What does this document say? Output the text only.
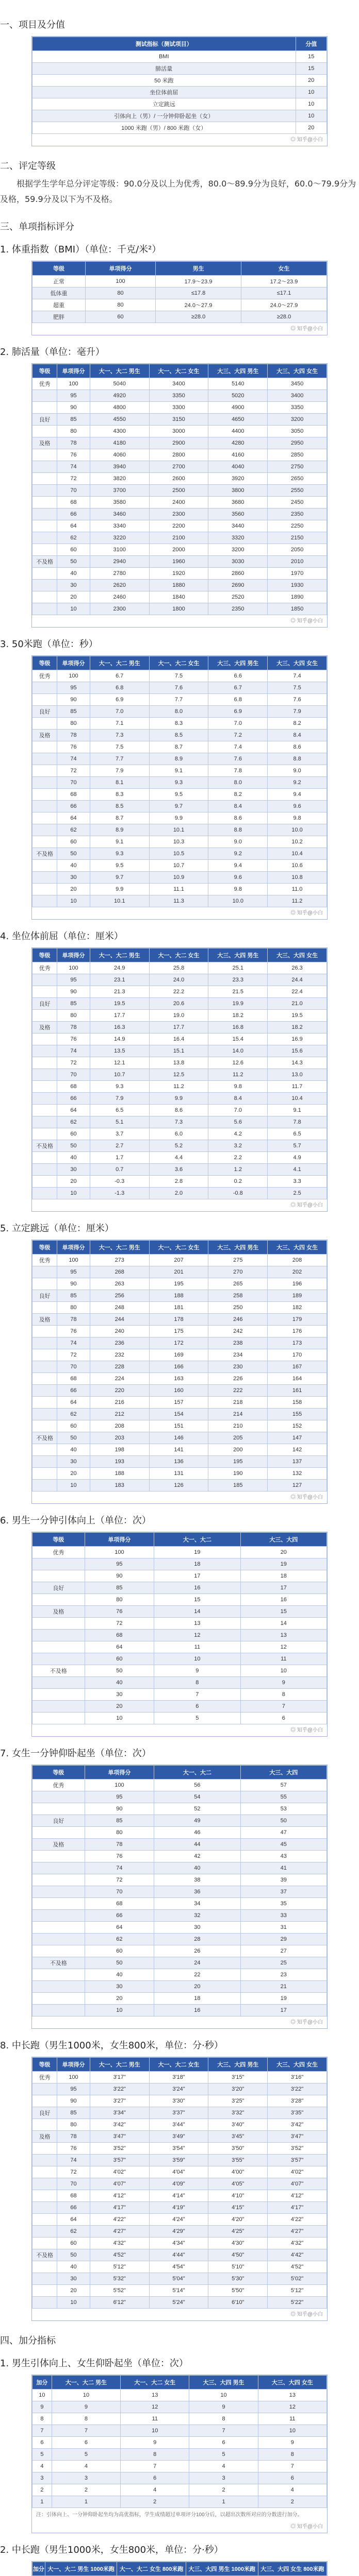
一、项目及分值
测试指标（测试项目）	分值
BMI	15
肺活量	15
50 米跑	20
坐位体前屈	10
立定跳远	10
引体向上（男）/ 一分钟仰卧起坐（女）	10
1000 米跑（男）/ 800 米跑（女）	20
◎ 知乎@小白
二、评定等级
根据学生学年总分评定等级：90.0分及以上为优秀，80.0～89.9分为良好，60.0～79.9分为及格，59.9分及以下为不及格。
三、单项指标评分
1. 体重指数（BMI）（单位：千克/米²）
等级	单项得分	男生	女生
正常	100	17.9～23.9	17.2～23.9
低体重	80	≤17.8	≤17.1
超重	80	24.0～27.9	24.0～27.9
肥胖	60	≥28.0	≥28.0
◎ 知乎@小白
2. 肺活量（单位：毫升）
等级	单项得分	大一、大二 男生	大一、大二 女生	大三、大四 男生	大三、大四 女生
优秀	100	5040	3400	5140	3450
	95	4920	3350	5020	3400
	90	4800	3300	4900	3350
良好	85	4550	3150	4650	3200
	80	4300	3000	4400	3050
及格	78	4180	2900	4280	2950
	76	4060	2800	4160	2850
	74	3940	2700	4040	2750
	72	3820	2600	3920	2650
	70	3700	2500	3800	2550
	68	3580	2400	3680	2450
	66	3460	2300	3560	2350
	64	3340	2200	3440	2250
	62	3220	2100	3320	2150
	60	3100	2000	3200	2050
不及格	50	2940	1960	3030	2010
	40	2780	1920	2860	1970
	30	2620	1880	2690	1930
	20	2460	1840	2520	1890
	10	2300	1800	2350	1850
◎ 知乎@小白
3. 50米跑（单位：秒）
等级	单项得分	大一、大二 男生	大一、大二 女生	大三、大四 男生	大三、大四 女生
优秀	100	6.7	7.5	6.6	7.4
	95	6.8	7.6	6.7	7.5
	90	6.9	7.7	6.8	7.6
良好	85	7.0	8.0	6.9	7.9
	80	7.1	8.3	7.0	8.2
及格	78	7.3	8.5	7.2	8.4
	76	7.5	8.7	7.4	8.6
	74	7.7	8.9	7.6	8.8
	72	7.9	9.1	7.8	9.0
	70	8.1	9.3	8.0	9.2
	68	8.3	9.5	8.2	9.4
	66	8.5	9.7	8.4	9.6
	64	8.7	9.9	8.6	9.8
	62	8.9	10.1	8.8	10.0
	60	9.1	10.3	9.0	10.2
不及格	50	9.3	10.5	9.2	10.4
	40	9.5	10.7	9.4	10.6
	30	9.7	10.9	9.6	10.8
	20	9.9	11.1	9.8	11.0
	10	10.1	11.3	10.0	11.2
◎ 知乎@小白
4. 坐位体前屈（单位：厘米）
等级	单项得分	大一、大二 男生	大一、大二 女生	大三、大四 男生	大三、大四 女生
优秀	100	24.9	25.8	25.1	26.3
	95	23.1	24.0	23.3	24.4
	90	21.3	22.2	21.5	22.4
良好	85	19.5	20.6	19.9	21.0
	80	17.7	19.0	18.2	19.5
及格	78	16.3	17.7	16.8	18.2
	76	14.9	16.4	15.4	16.9
	74	13.5	15.1	14.0	15.6
	72	12.1	13.8	12.6	14.3
	70	10.7	12.5	11.2	13.0
	68	9.3	11.2	9.8	11.7
	66	7.9	9.9	8.4	10.4
	64	6.5	8.6	7.0	9.1
	62	5.1	7.3	5.6	7.8
	60	3.7	6.0	4.2	6.5
不及格	50	2.7	5.2	3.2	5.7
	40	1.7	4.4	2.2	4.9
	30	0.7	3.6	1.2	4.1
	20	-0.3	2.8	0.2	3.3
	10	-1.3	2.0	-0.8	2.5
◎ 知乎@小白
5. 立定跳远（单位：厘米）
等级	单项得分	大一、大二 男生	大一、大二 女生	大三、大四 男生	大三、大四 女生
优秀	100	273	207	275	208
	95	268	201	270	202
	90	263	195	265	196
良好	85	256	188	258	189
	80	248	181	250	182
及格	78	244	178	246	179
	76	240	175	242	176
	74	236	172	238	173
	72	232	169	234	170
	70	228	166	230	167
	68	224	163	226	164
	66	220	160	222	161
	64	216	157	218	158
	62	212	154	214	155
	60	208	151	210	152
不及格	50	203	146	205	147
	40	198	141	200	142
	30	193	136	195	137
	20	188	131	190	132
	10	183	126	185	127
◎ 知乎@小白
6. 男生一分钟引体向上（单位：次）
等级	单项得分	大一、大二	大三、大四
优秀	100	19	20
	95	18	19
	90	17	18
良好	85	16	17
	80	15	16
及格	76	14	15
	72	13	14
	68	12	13
	64	11	12
	60	10	11
不及格	50	9	10
	40	8	9
	30	7	8
	20	6	7
	10	5	6
◎ 知乎@小白
7. 女生一分钟仰卧起坐（单位：次）
等级	单项得分	大一、大二	大三、大四
优秀	100	56	57
	95	54	55
	90	52	53
良好	85	49	50
	80	46	47
及格	78	44	45
	76	42	43
	74	40	41
	72	38	39
	70	36	37
	68	34	35
	66	32	33
	64	30	31
	62	28	29
	60	26	27
不及格	50	24	25
	40	22	23
	30	20	21
	20	18	19
	10	16	17
◎ 知乎@小白
8. 中长跑（男生1000米，女生800米，单位：分·秒）
等级	单项得分	大一、大二 男生	大一、大二 女生	大三、大四 男生	大三、大四 女生
优秀	100	3'17"	3'18"	3'15"	3'16"
	95	3'22"	3'24"	3'20"	3'22"
	90	3'27"	3'30"	3'25"	3'28"
良好	85	3'34"	3'37"	3'32"	3'35"
	80	3'42"	3'44"	3'40"	3'42"
及格	78	3'47"	3'49"	3'45"	3'47"
	76	3'52"	3'54"	3'50"	3'52"
	74	3'57"	3'59"	3'55"	3'57"
	72	4'02"	4'04"	4'00"	4'02"
	70	4'07"	4'09"	4'05"	4'07"
	68	4'12"	4'14"	4'10"	4'12"
	66	4'17"	4'19"	4'15"	4'17"
	64	4'22"	4'24"	4'20"	4'22"
	62	4'27"	4'29"	4'25"	4'27"
	60	4'32"	4'34"	4'30"	4'32"
不及格	50	4'52"	4'44"	4'50"	4'42"
	40	5'12"	4'54"	5'10"	4'52"
	30	5'32"	5'04"	5'30"	5'02"
	20	5'52"	5'14"	5'50"	5'12"
	10	6'12"	5'24"	6'10"	5'22"
◎ 知乎@小白
四、加分指标
1. 男生引体向上、女生仰卧起坐（单位：次）
加分	大一、大二 男生	大一、大二 女生	大三、大四 男生	大三、大四 女生
10	10	13	10	13
9	9	12	9	12
8	8	11	8	11
7	7	10	7	10
6	6	9	6	9
5	5	8	5	8
4	4	7	4	7
3	3	6	3	6
2	2	4	2	4
1	1	2	1	2
注：引体向上、一分钟仰卧起坐均为高优指标，学生成绩超过单项评分100分后，以超出次数所对应的分数进行加分。
◎ 知乎@小白
2. 中长跑（男生1000米，女生800米，单位：分·秒）
加分	大一、大二 男生 1000米跑	大一、大二 女生 800米跑	大三、大四 男生 1000米跑	大三、大四 女生 800米跑
